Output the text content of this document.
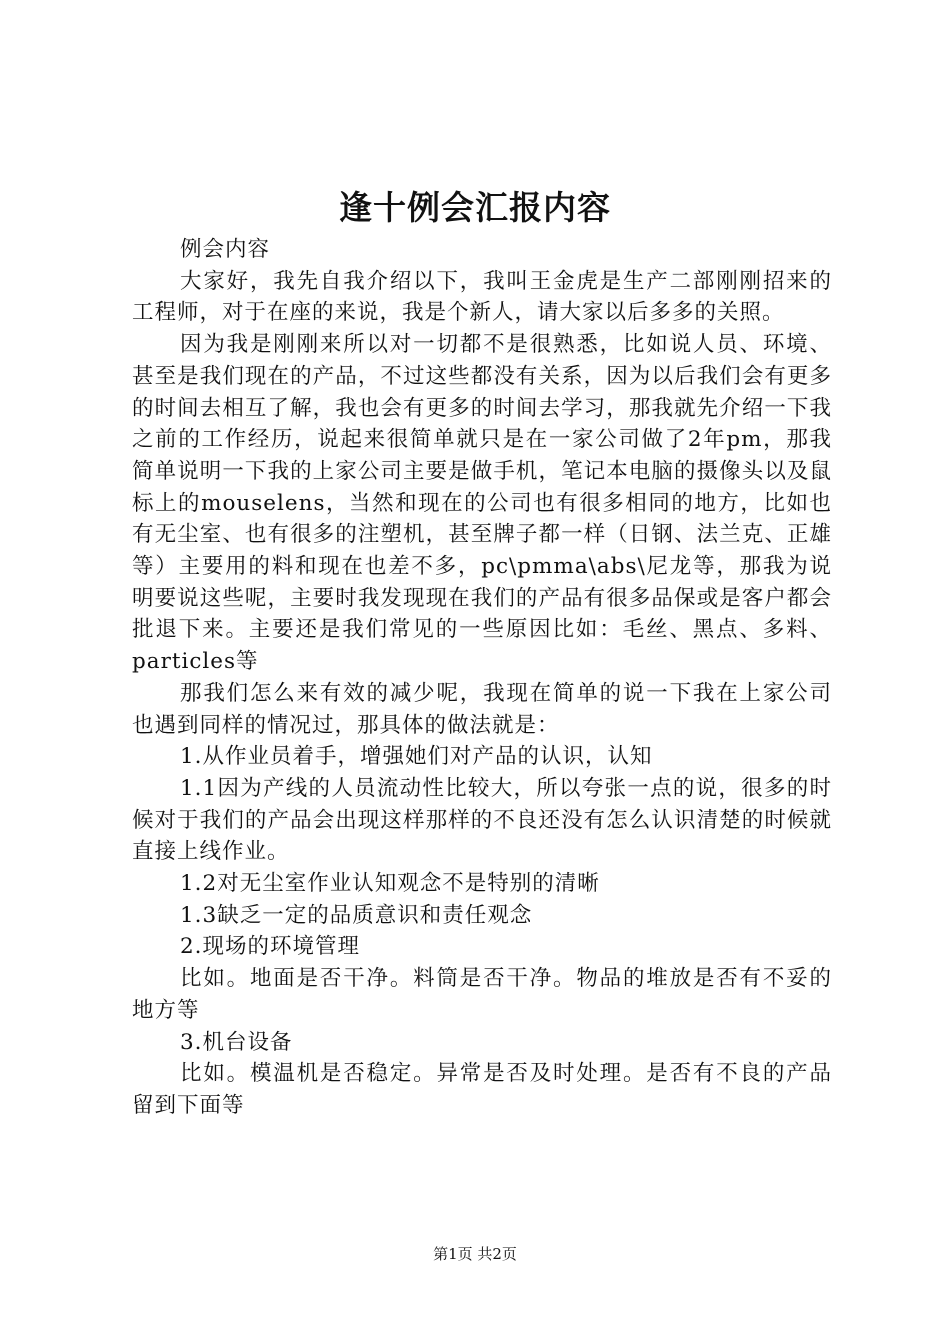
逢十例会汇报内容

例会内容

大家好，我先自我介绍以下，我叫王金虎是生产二部刚刚招来的工程师，对于在座的来说，我是个新人，请大家以后多多的关照。

因为我是刚刚来所以对一切都不是很熟悉，比如说人员、环境、甚至是我们现在的产品，不过这些都没有关系，因为以后我们会有更多的时间去相互了解，我也会有更多的时间去学习，那我就先介绍一下我之前的工作经历，说起来很简单就只是在一家公司做了2年pm，那我简单说明一下我的上家公司主要是做手机，笔记本电脑的摄像头以及鼠标上的mouselens，当然和现在的公司也有很多相同的地方，比如也有无尘室、也有很多的注塑机，甚至牌子都一样（日钢、法兰克、正雄等）主要用的料和现在也差不多，pc\pmma\abs\尼龙等，那我为说明要说这些呢，主要时我发现现在我们的产品有很多品保或是客户都会批退下来。主要还是我们常见的一些原因比如：毛丝、黑点、多料、particles等

那我们怎么来有效的减少呢，我现在简单的说一下我在上家公司也遇到同样的情况过，那具体的做法就是：

1.从作业员着手，增强她们对产品的认识，认知

1.1因为产线的人员流动性比较大，所以夸张一点的说，很多的时候对于我们的产品会出现这样那样的不良还没有怎么认识清楚的时候就直接上线作业。

1.2对无尘室作业认知观念不是特别的清晰

1.3缺乏一定的品质意识和责任观念

2.现场的环境管理

比如。地面是否干净。料筒是否干净。物品的堆放是否有不妥的地方等

3.机台设备

比如。模温机是否稳定。异常是否及时处理。是否有不良的产品留到下面等

第1页 共2页
